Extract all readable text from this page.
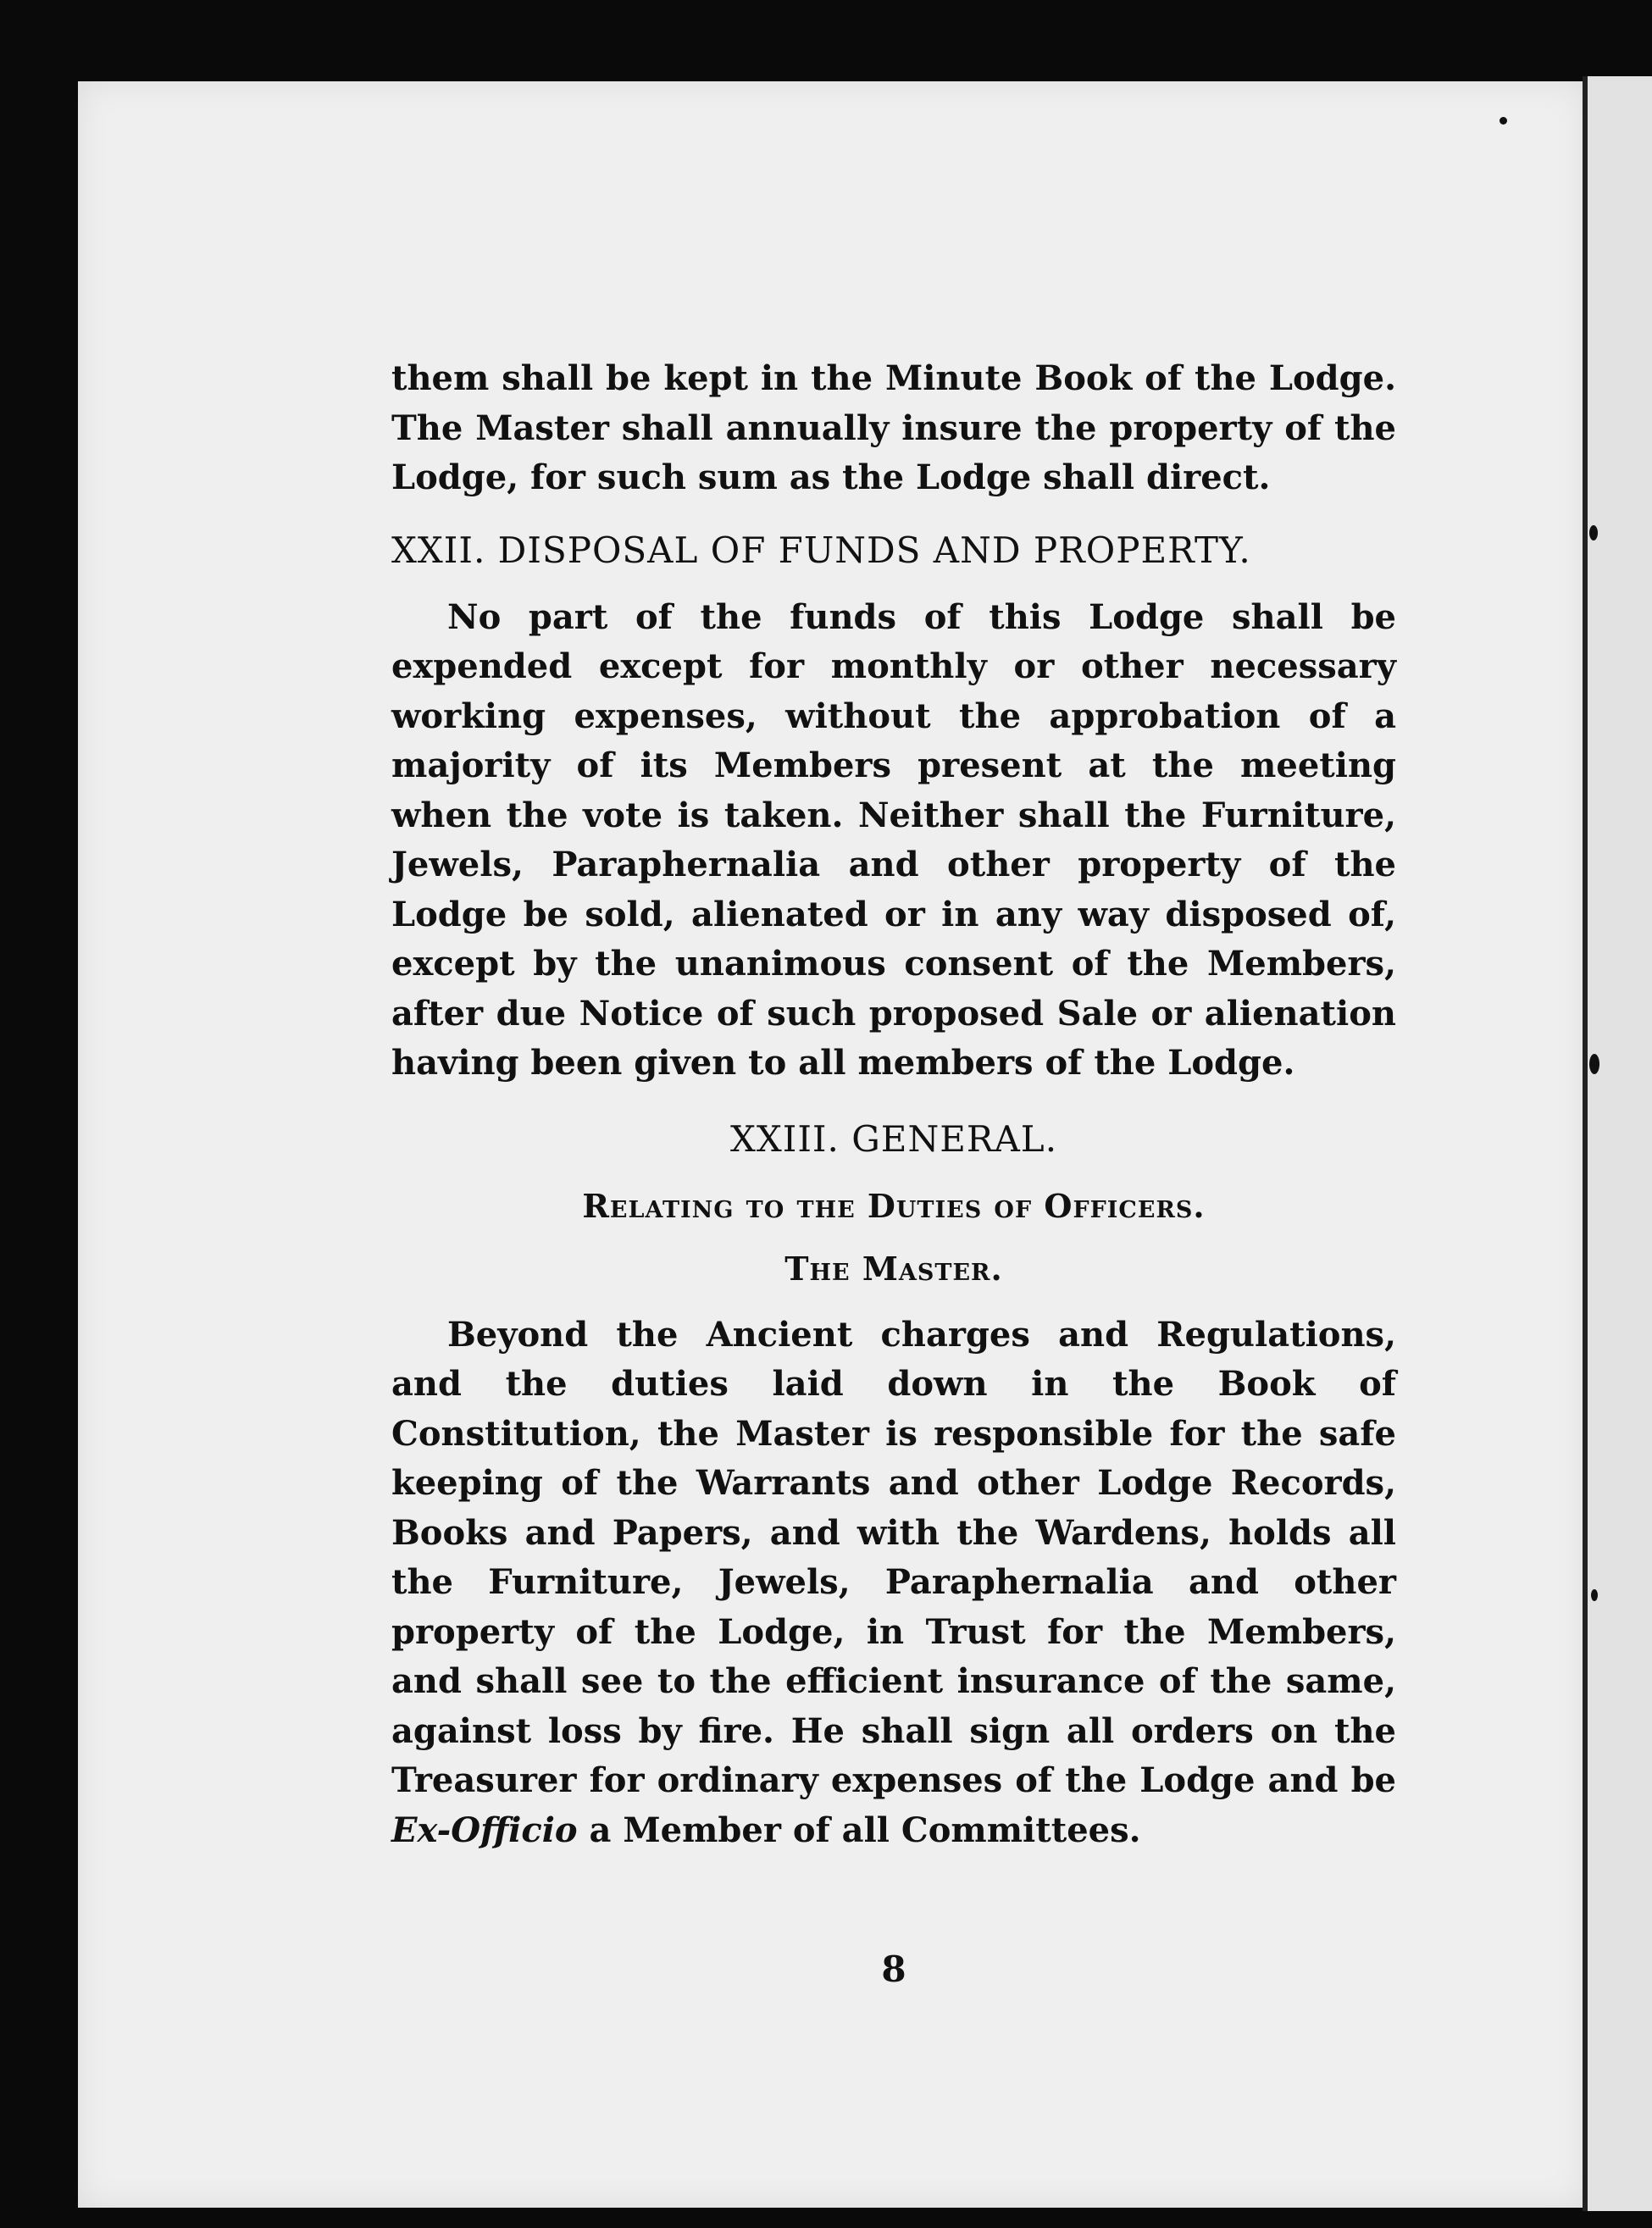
them shall be kept in the Minute Book of the Lodge. The Master shall annually insure the property of the Lodge, for such sum as the Lodge shall direct.

XXII. DISPOSAL OF FUNDS AND PROPERTY.

No part of the funds of this Lodge shall be expended except for monthly or other necessary working expenses, without the approbation of a majority of its Members present at the meeting when the vote is taken. Neither shall the Furniture, Jewels, Paraphernalia and other property of the Lodge be sold, alienated or in any way disposed of, except by the unanimous consent of the Members, after due Notice of such proposed Sale or alienation having been given to all members of the Lodge.

XXIII. GENERAL.
Relating to the Duties of Officers.
The Master.

Beyond the Ancient charges and Regulations, and the duties laid down in the Book of Constitution, the Master is responsible for the safe keeping of the Warrants and other Lodge Records, Books and Papers, and with the Wardens, holds all the Furniture, Jewels, Paraphernalia and other property of the Lodge, in Trust for the Members, and shall see to the efficient insurance of the same, against loss by fire. He shall sign all orders on the Treasurer for ordinary expenses of the Lodge and be Ex-Officio a Member of all Committees.

8
